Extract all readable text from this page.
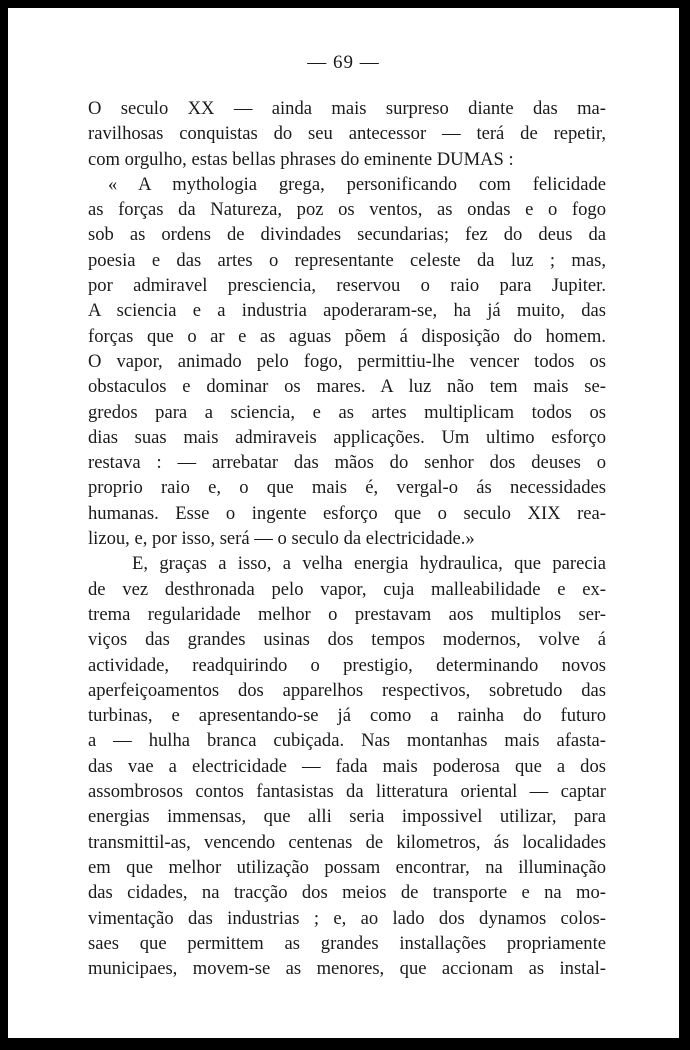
— 69 —
O seculo XX — ainda mais surpreso diante das ma-
ravilhosas conquistas do seu antecessor — terá de repetir,
com orgulho, estas bellas phrases do eminente DUMAS :
« A mythologia grega, personificando com felicidade
as forças da Natureza, poz os ventos, as ondas e o fogo
sob as ordens de divindades secundarias; fez do deus da
poesia e das artes o representante celeste da luz ; mas,
por admiravel presciencia, reservou o raio para Jupiter.
A sciencia e a industria apoderaram-se, ha já muito, das
forças que o ar e as aguas põem á disposição do homem.
O vapor, animado pelo fogo, permittiu-lhe vencer todos os
obstaculos e dominar os mares. A luz não tem mais se-
gredos para a sciencia, e as artes multiplicam todos os
dias suas mais admiraveis applicações. Um ultimo esforço
restava : — arrebatar das mãos do senhor dos deuses o
proprio raio e, o que mais é, vergal-o ás necessidades
humanas. Esse o ingente esforço que o seculo XIX rea-
lizou, e, por isso, será — o seculo da electricidade.»
E, graças a isso, a velha energia hydraulica, que parecia
de vez desthronada pelo vapor, cuja malleabilidade e ex-
trema regularidade melhor o prestavam aos multiplos ser-
viços das grandes usinas dos tempos modernos, volve á
actividade, readquirindo o prestigio, determinando novos
aperfeiçoamentos dos apparelhos respectivos, sobretudo das
turbinas, e apresentando-se já como a rainha do futuro
a — hulha branca cubiçada. Nas montanhas mais afasta-
das vae a electricidade — fada mais poderosa que a dos
assombrosos contos fantasistas da litteratura oriental — captar
energias immensas, que alli seria impossivel utilizar, para
transmittil-as, vencendo centenas de kilometros, ás localidades
em que melhor utilização possam encontrar, na illuminação
das cidades, na tracção dos meios de transporte e na mo-
vimentação das industrias ; e, ao lado dos dynamos colos-
saes que permittem as grandes installações propriamente
municipaes, movem-se as menores, que accionam as instal-
